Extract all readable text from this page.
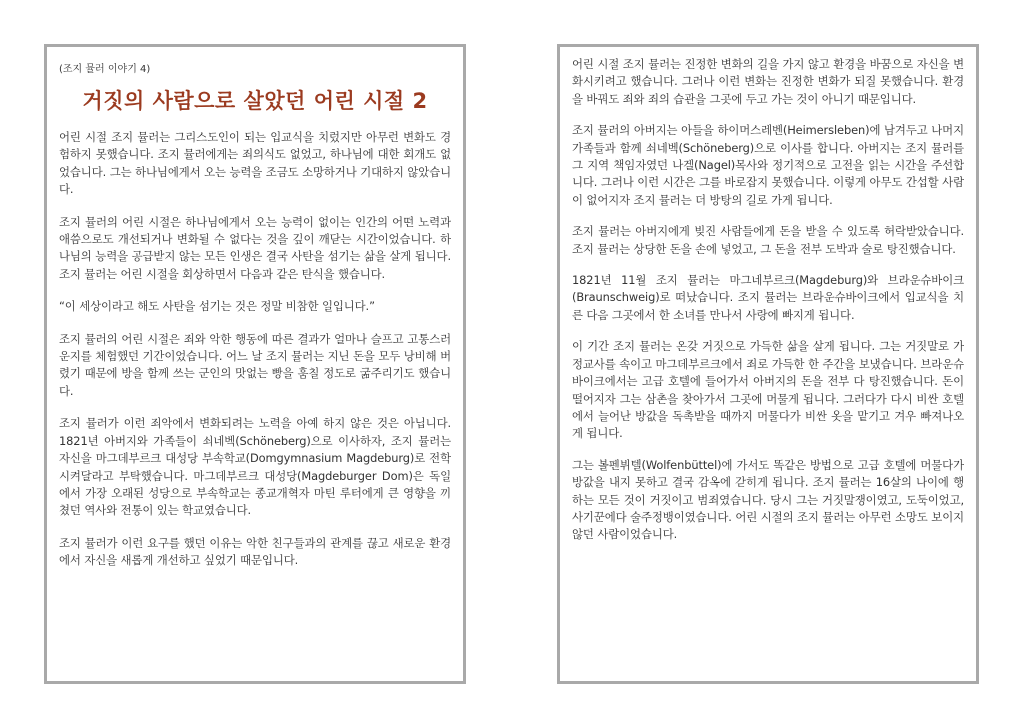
(조지 뮬러 이야기 4)
거짓의 사람으로 살았던 어린 시절 2

어린 시절 조지 뮬러는 그리스도인이 되는 입교식을 치렀지만 아무런 변화도 경험하지 못했습니다. 조지 뮬러에게는 죄의식도 없었고, 하나님에 대한 회개도 없었습니다. 그는 하나님에게서 오는 능력을 조금도 소망하거나 기대하지 않았습니다.

조지 뮬러의 어린 시절은 하나님에게서 오는 능력이 없이는 인간의 어떤 노력과 애씀으로도 개선되거나 변화될 수 없다는 것을 깊이 깨닫는 시간이었습니다. 하나님의 능력을 공급받지 않는 모든 인생은 결국 사탄을 섬기는 삶을 살게 됩니다. 조지 뮬러는 어린 시절을 회상하면서 다음과 같은 탄식을 했습니다.

“이 세상이라고 해도 사탄을 섬기는 것은 정말 비참한 일입니다.”

조지 뮬러의 어린 시절은 죄와 악한 행동에 따른 결과가 얼마나 슬프고 고통스러운지를 체험했던 기간이었습니다. 어느 날 조지 뮬러는 지닌 돈을 모두 낭비해 버렸기 때문에 방을 함께 쓰는 군인의 맛없는 빵을 훔칠 정도로 굶주리기도 했습니다.

조지 뮬러가 이런 죄악에서 변화되려는 노력을 아예 하지 않은 것은 아닙니다. 1821년 아버지와 가족들이 쇠네벡(Schöneberg)으로 이사하자, 조지 뮬러는 자신을 마그데부르크 대성당 부속학교(Domgymnasium Magdeburg)로 전학시켜달라고 부탁했습니다. 마그데부르크 대성당(Magdeburger Dom)은 독일에서 가장 오래된 성당으로 부속학교는 종교개혁자 마틴 루터에게 큰 영향을 끼쳤던 역사와 전통이 있는 학교였습니다.

조지 뮬러가 이런 요구를 했던 이유는 악한 친구들과의 관계를 끊고 새로운 환경에서 자신을 새롭게 개선하고 싶었기 때문입니다.

어린 시절 조지 뮬러는 진정한 변화의 길을 가지 않고 환경을 바꿈으로 자신을 변화시키려고 했습니다. 그러나 이런 변화는 진정한 변화가 되질 못했습니다. 환경을 바꿔도 죄와 죄의 습관을 그곳에 두고 가는 것이 아니기 때문입니다.

조지 뮬러의 아버지는 아들을 하이머스레벤(Heimersleben)에 남겨두고 나머지 가족들과 함께 쇠네벡(Schöneberg)으로 이사를 합니다. 아버지는 조지 뮬러를 그 지역 책임자였던 나겔(Nagel)목사와 정기적으로 고전을 읽는 시간을 주선합니다. 그러나 이런 시간은 그를 바로잡지 못했습니다. 이렇게 아무도 간섭할 사람이 없어지자 조지 뮬러는 더 방탕의 길로 가게 됩니다.

조지 뮬러는 아버지에게 빚진 사람들에게 돈을 받을 수 있도록 허락받았습니다. 조지 뮬러는 상당한 돈을 손에 넣었고, 그 돈을 전부 도박과 술로 탕진했습니다.

1821년 11월 조지 뮬러는 마그네부르크(Magdeburg)와 브라운슈바이크(Braunschweig)로 떠났습니다. 조지 뮬러는 브라운슈바이크에서 입교식을 치른 다음 그곳에서 한 소녀를 만나서 사랑에 빠지게 됩니다.

이 기간 조지 뮬러는 온갖 거짓으로 가득한 삶을 살게 됩니다. 그는 거짓말로 가정교사를 속이고 마그데부르크에서 죄로 가득한 한 주간을 보냈습니다. 브라운슈바이크에서는 고급 호텔에 들어가서 아버지의 돈을 전부 다 탕진했습니다. 돈이 떨어지자 그는 삼촌을 찾아가서 그곳에 머물게 됩니다. 그러다가 다시 비싼 호텔에서 늘어난 방값을 독촉받을 때까지 머물다가 비싼 옷을 맡기고 겨우 빠져나오게 됩니다.

그는 볼펜뷔텔(Wolfenbüttel)에 가서도 똑같은 방법으로 고급 호텔에 머물다가 방값을 내지 못하고 결국 감옥에 갇히게 됩니다. 조지 뮬러는 16살의 나이에 행하는 모든 것이 거짓이고 범죄였습니다. 당시 그는 거짓말쟁이였고, 도둑이었고, 사기꾼에다 술주정뱅이였습니다. 어린 시절의 조지 뮬러는 아무런 소망도 보이지 않던 사람이었습니다.
